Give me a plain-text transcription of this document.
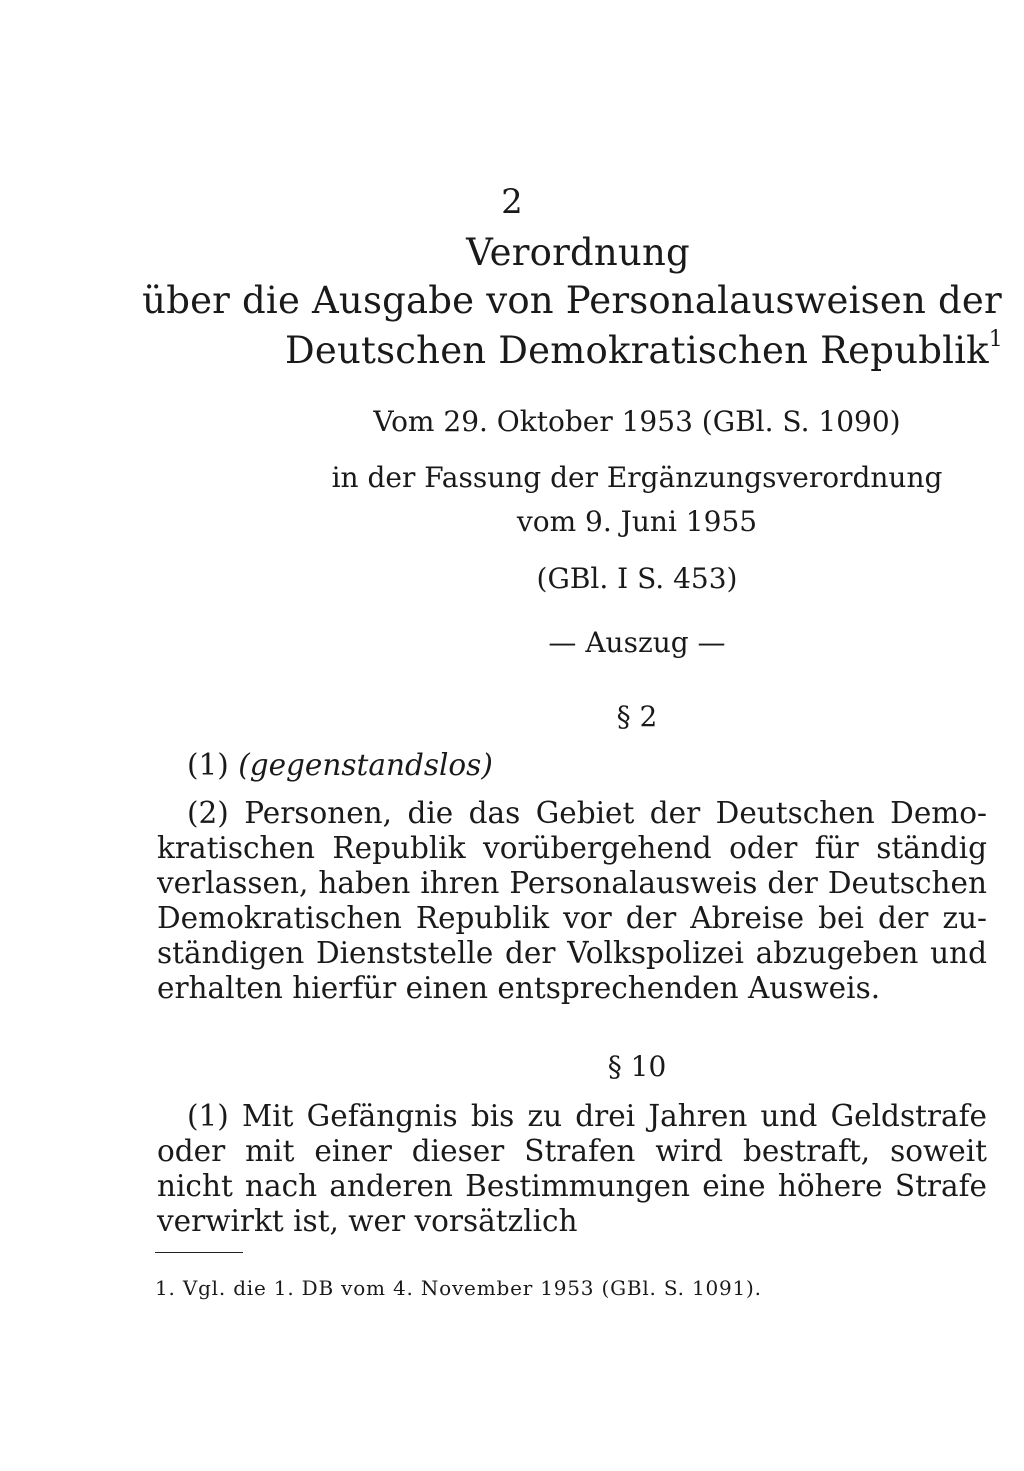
2
Verordnung
über die Ausgabe von Personalausweisen der
Deutschen Demokratischen Republik$^1$
Vom 29. Oktober 1953 (GBl. S. 1090)
in der Fassung der Ergänzungsverordnung
vom 9. Juni 1955
(GBl. I S. 453)
— Auszug —
§ 2
(1) (gegenstandslos)
(2) Personen, die das Gebiet der Deutschen Demo-
kratischen Republik vorübergehend oder für ständig
verlassen, haben ihren Personalausweis der Deutschen
Demokratischen Republik vor der Abreise bei der zu-
ständigen Dienststelle der Volkspolizei abzugeben und
erhalten hierfür einen entsprechenden Ausweis.
§ 10
(1) Mit Gefängnis bis zu drei Jahren und Geldstrafe
oder mit einer dieser Strafen wird bestraft, soweit
nicht nach anderen Bestimmungen eine höhere Strafe
verwirkt ist, wer vorsätzlich
1. Vgl. die 1. DB vom 4. November 1953 (GBl. S. 1091).
